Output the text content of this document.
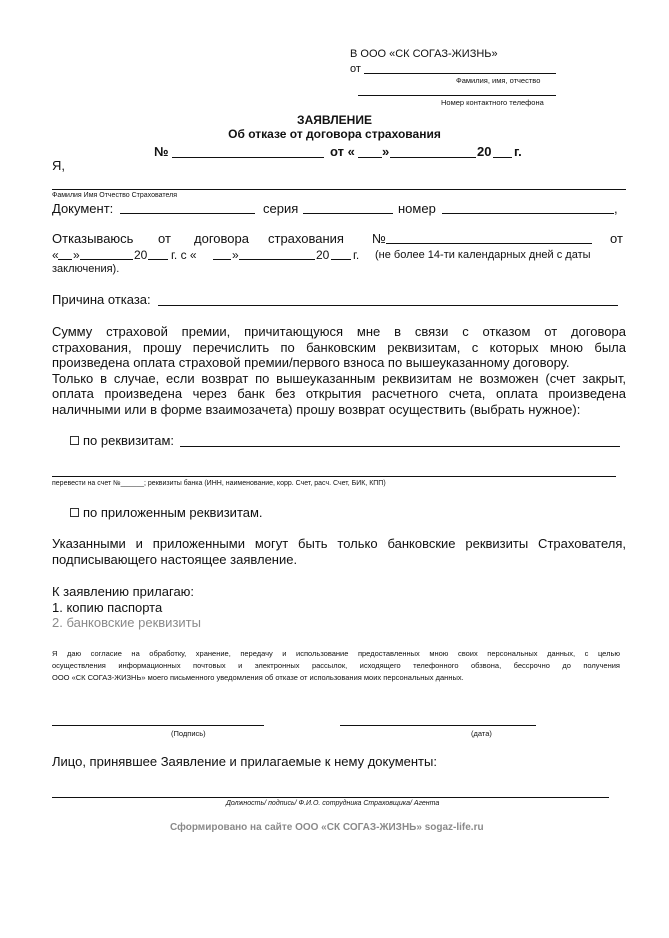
В ООО «СК СОГАЗ-ЖИЗНЬ»
от
Фамилия, имя, отчество
Номер контактного телефона
ЗАЯВЛЕНИЕ
Об отказе от договора страхования
№	от « »	20 г.
Я,
Фамилия Имя Отчество Страхователя
Документ:	серия	номер	,
Отказываюсь от договора страхования №	от
« »	20 г. с «	»	20 г. (не более 14-ти календарных дней с даты
заключения).
Причина отказа:
Сумму страховой премии, причитающуюся мне в связи с отказом от договора
страхования, прошу перечислить по банковским реквизитам, с которых мною была
произведена оплата страховой премии/первого взноса по вышеуказанному договору.
Только в случае, если возврат по вышеуказанным реквизитам не возможен (счет закрыт,
оплата произведена через банк без открытия расчетного счета, оплата произведена
наличными или в форме взаимозачета) прошу возврат осуществить (выбрать нужное):
по реквизитам:
перевести на счет №______; реквизиты банка (ИНН, наименование, корр. Счет, расч. Счет, БИК, КПП)
по приложенным реквизитам.
Указанными и приложенными могут быть только банковские реквизиты Страхователя,
подписывающего настоящее заявление.
К заявлению прилагаю:
1. копию паспорта
2. банковские реквизиты
Я даю согласие на обработку, хранение, передачу и использование предоставленных мною своих персональных данных, с целью
осуществления информационных почтовых и электронных рассылок, исходящего телефонного обзвона, бессрочно до получения
ООО «СК СОГАЗ-ЖИЗНЬ» моего письменного уведомления об отказе от использования моих персональных данных.
(Подпись)	(дата)
Лицо, принявшее Заявление и прилагаемые к нему документы:
Должность/ подпись/ Ф.И.О. сотрудника Страховщика/ Агента
Сформировано на сайте ООО «СК СОГАЗ-ЖИЗНЬ» sogaz-life.ru
